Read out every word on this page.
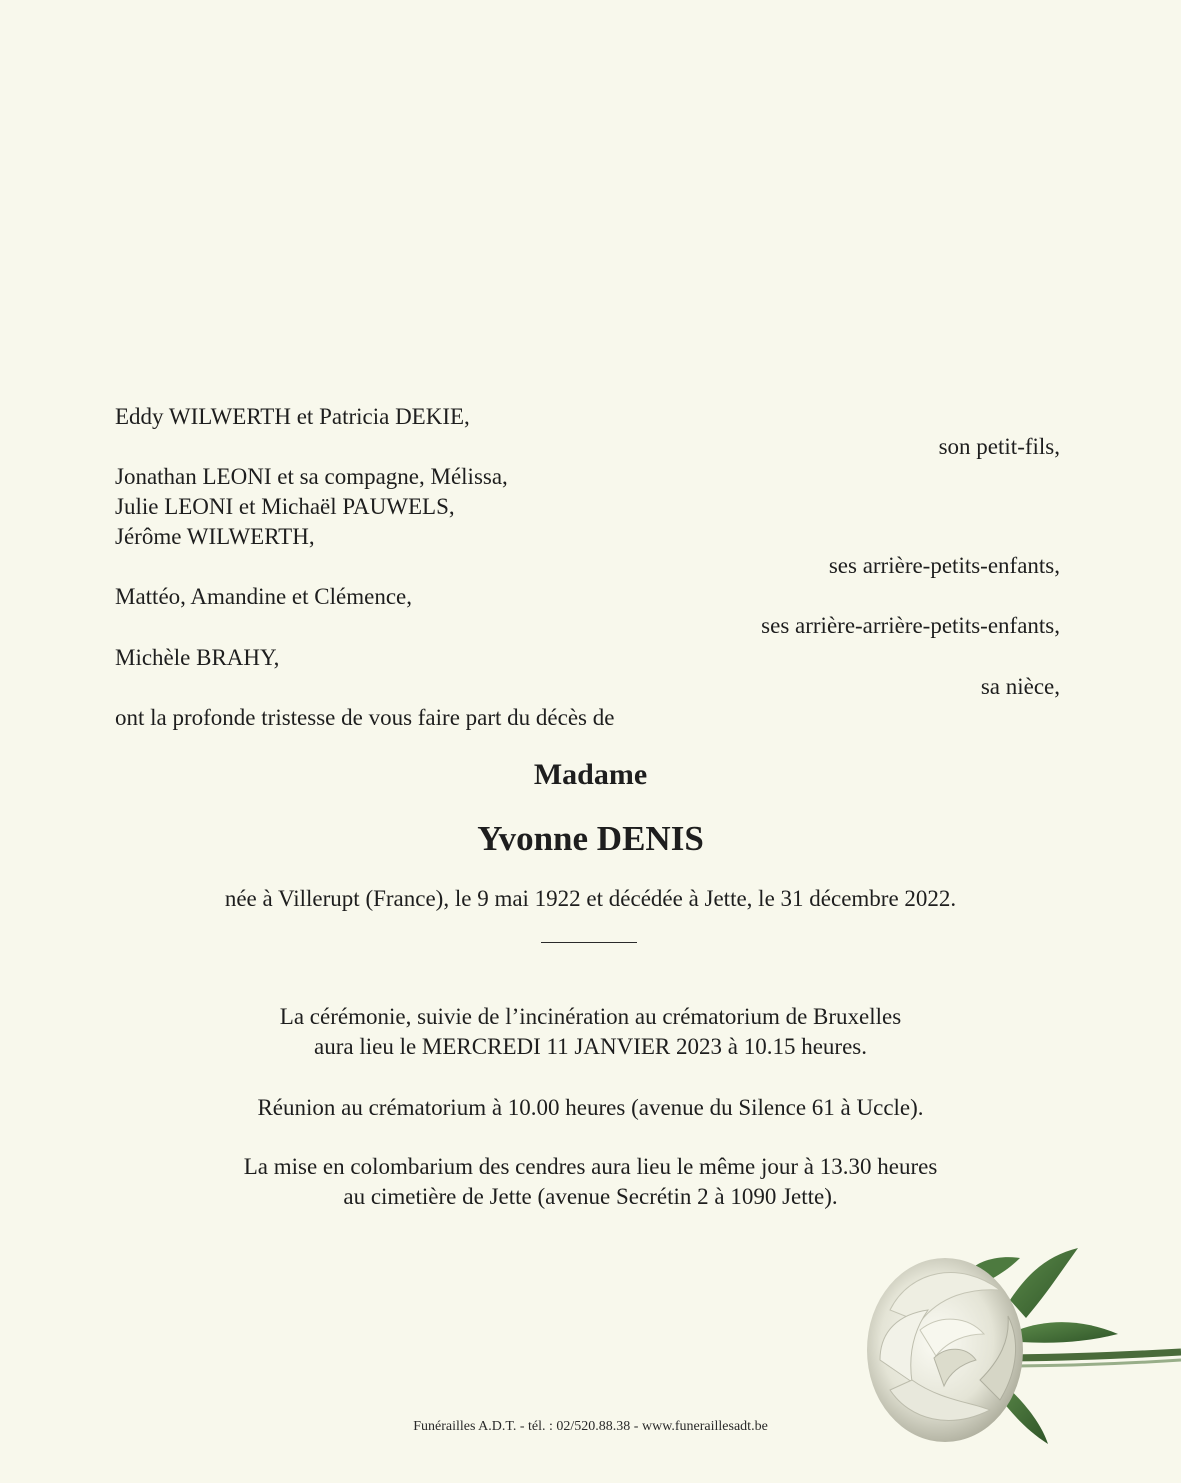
Eddy WILWERTH et Patricia DEKIE,
son petit-fils,
Jonathan LEONI et sa compagne, Mélissa,
Julie LEONI et Michaël PAUWELS,
Jérôme WILWERTH,
ses arrière-petits-enfants,
Mattéo, Amandine et Clémence,
ses arrière-arrière-petits-enfants,
Michèle BRAHY,
sa nièce,
ont la profonde tristesse de vous faire part du décès de
Madame
Yvonne DENIS
née à Villerupt (France), le 9 mai 1922 et décédée à Jette, le 31 décembre 2022.
La cérémonie, suivie de l’incinération au crématorium de Bruxelles
aura lieu le MERCREDI 11 JANVIER 2023 à 10.15 heures.
Réunion au crématorium à 10.00 heures (avenue du Silence 61 à Uccle).
La mise en colombarium des cendres aura lieu le même jour à 13.30 heures
au cimetière de Jette (avenue Secrétin 2 à 1090 Jette).
Funérailles A.D.T. - tél. : 02/520.88.38 - www.funeraillesadt.be
